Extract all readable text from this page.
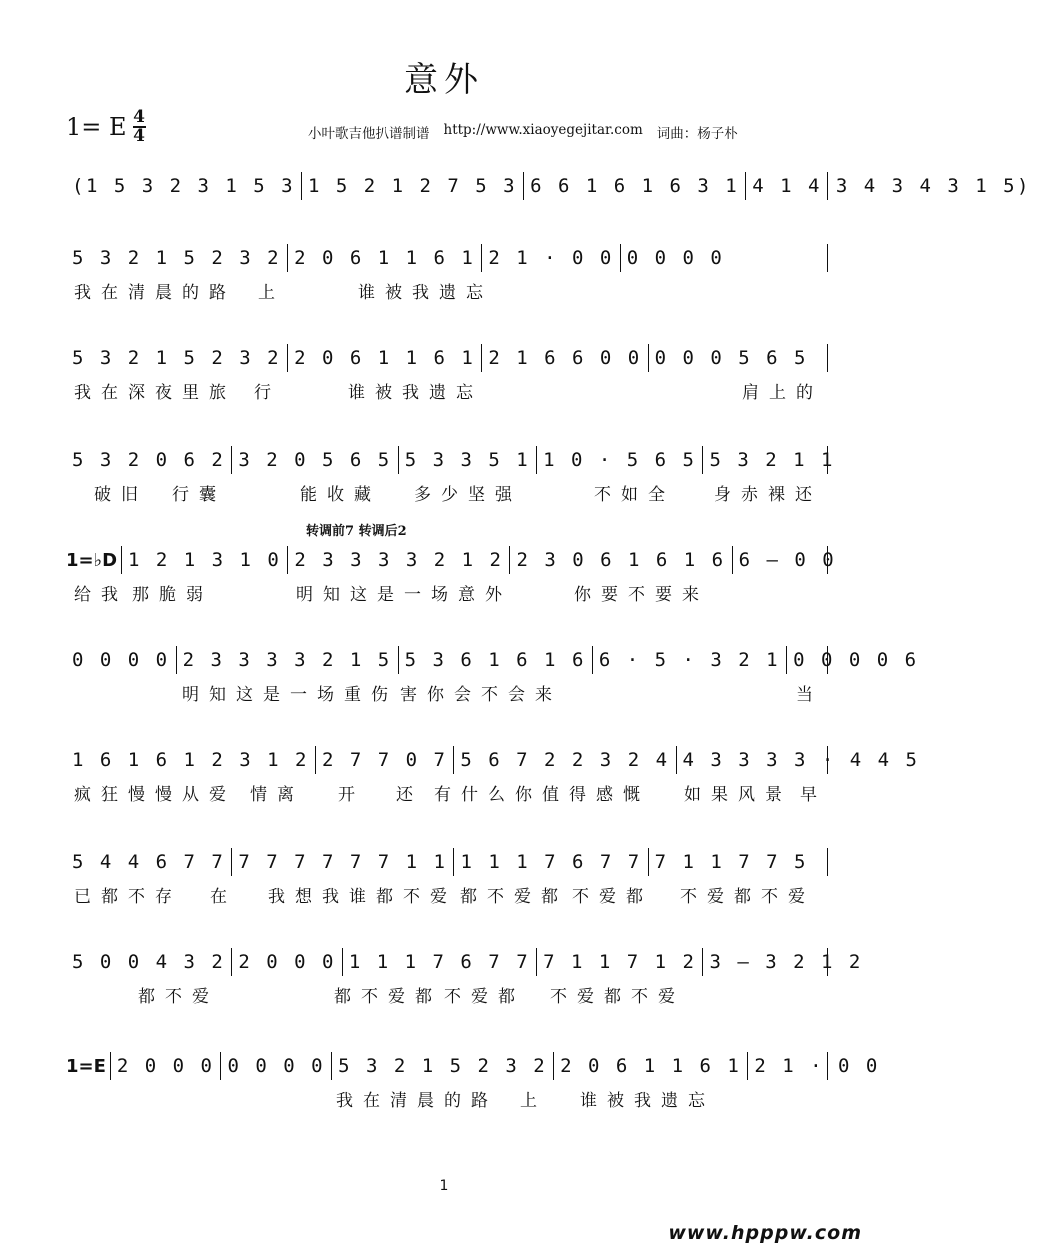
意外
1= E 4
4	小叶歌吉他扒谱制谱 http://www.xiaoyegejitar.com 词曲：杨子朴
(1 5 3 2 3 1 5 3 1 5 2 1 2 7 5 3 6 6 1 6 1 6 3 1 4 1 4 3 4 3 4 3 1 5)
5 3 2 1 5 2 3 2 2 0 6 1 1 6 1 2 1 · 0 0 0 0 0 0
我在清晨的路 上	谁被我遗忘
5 3 2 1 5 2 3 2 2 0 6 1 1 6 1 2 1 6 6 0 0 0 0 0 5 6 5
我在深夜里旅 行	谁被我遗忘	肩上的
5 3 2 0 6 2 3 2 0 5 6 5 5 3 3 5 1 1 0 · 5 6 5 5 3 2 1 1
破旧 行囊	能收藏 多少坚强	不如全 身赤裸还
转调前7 转调后2
1=♭D 1 2 1 3 1 0 2 3 3 3 3 2 1 2 2 3 0 6 1 6 1 6 6 – 0 0
给我 那脆弱	明知这是一场意外	你要不要来
0 0 0 0 2 3 3 3 3 2 1 5 5 3 6 1 6 1 6 6 · 5 · 3 2 1 0 0 0 0 6
明知这是一场重伤 害你会不会来	当
1 6 1 6 1 2 3 1 2 2 7 7 0 7 5 6 7 2 2 3 2 4 4 3 3 3 3 · 4 4 5
疯狂慢慢从爱 情离 开 还 有什么你值得感慨 如果风景 早
5 4 4 6 7 7 7 7 7 7 7 7 1 1 1 1 1 7 6 7 7 7 1 1 7 7 5
已都不存 在 我想我谁都不爱 都不爱都 不爱都 不爱都不爱
5 0 0 4 3 2 2 0 0 0 1 1 1 7 6 7 7 7 1 1 7 1 2 3 – 3 2 1 2
都不爱	都不爱都 不爱都 不爱都不爱
1=E 2 0 0 0 0 0 0 0 5 3 2 1 5 2 3 2 2 0 6 1 1 6 1 2 1 · 0 0
我在清晨的路 上 谁被我遗忘
1
www.hpppw.com
